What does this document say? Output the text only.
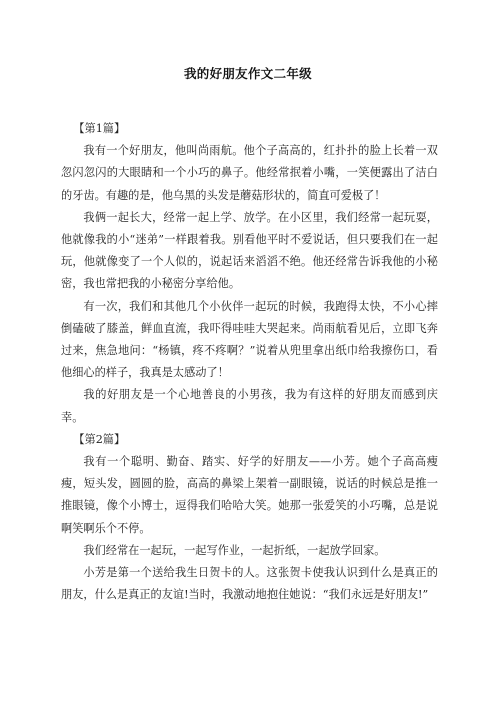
我的好朋友作文二年级

【第1篇】

我有一个好朋友，他叫尚雨航。他个子高高的，红扑扑的脸上长着一双忽闪忽闪的大眼睛和一个小巧的鼻子。他经常抿着小嘴，一笑便露出了洁白的牙齿。有趣的是，他乌黑的头发是蘑菇形状的，简直可爱极了！

我俩一起长大，经常一起上学、放学。在小区里，我们经常一起玩耍，他就像我的小“迷弟”一样跟着我。别看他平时不爱说话，但只要我们在一起玩，他就像变了一个人似的，说起话来滔滔不绝。他还经常告诉我他的小秘密，我也常把我的小秘密分享给他。

有一次，我们和其他几个小伙伴一起玩的时候，我跑得太快，不小心摔倒磕破了膝盖，鲜血直流，我吓得哇哇大哭起来。尚雨航看见后，立即飞奔过来，焦急地问：“杨镇，疼不疼啊？”说着从兜里拿出纸巾给我擦伤口，看他细心的样子，我真是太感动了！

我的好朋友是一个心地善良的小男孩，我为有这样的好朋友而感到庆幸。

【第2篇】

我有一个聪明、勤奋、踏实、好学的好朋友——小芳。她个子高高瘦瘦，短头发，圆圆的脸，高高的鼻梁上架着一副眼镜，说话的时候总是推一推眼镜，像个小博士，逗得我们哈哈大笑。她那一张爱笑的小巧嘴，总是说啊笑啊乐个不停。

我们经常在一起玩，一起写作业，一起折纸，一起放学回家。

小芳是第一个送给我生日贺卡的人。这张贺卡使我认识到什么是真正的朋友，什么是真正的友谊!当时，我激动地抱住她说：“我们永远是好朋友!”
